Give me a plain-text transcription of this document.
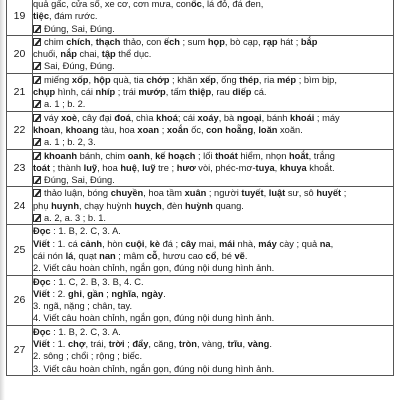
19	quả gấc, cửa sổ, xe cơ, cơn mưa, conốc, lá đỏ, đá đen,
tiệc, đám rước.
Đúng, Sai, Đúng.

20	chim chích, thạch thảo, con ếch ; sum họp, bò cạp, rạp hát ; bắp
chuối, nắp chai, tập thể dục.
Sai, Đúng, Đúng.

21	miếng xốp, hộp quà, tia chớp ; khăn xếp, ống thép, ria mép ; bìm bịp,
chụp hình, cái nhíp ; trái mướp, tấm thiệp, rau diếp cá.
a. 1 ; b. 2.

22	váy xoè, cây đại đoá, chìa khoá; cái xoáy, bà ngoại, bánh khoái ; máy
khoan, khoang tàu, hoa xoan ; xoắn ốc, con hoẵng, loăn xoăn.
a. 1 ; b. 2, 3.

23	khoanh bánh, chim oanh, kế hoạch ; lối thoát hiểm, nhọn hoắt, trắng
toát ; thành luỹ, hoa huệ, luỹ tre ; hươ vòi, phéc-mơ-tuya, khuya khoắt.
Đúng, Sai, Đúng.

24	thảo luận, bóng chuyền, hoa tầm xuân ; người tuyết, luật sư, sô huyết ;
phụ huynh, chạy huỳnh huỵch, đèn huỳnh quang.
a. 2, a. 3 ; b. 1.

25	Đọc : 1. B, 2. C, 3. A.
Viết : 1. cá cảnh, hòn cuội, kè đá ; cây mai, mái nhà, máy cày ; quả na,
cái nón lá, quạt nan ; mâm cỗ, hươu cao cổ, bé vẽ.
2. Viết câu hoàn chỉnh, ngắn gọn, đúng nội dung hình ảnh.

26	Đọc : 1. C, 2. B, 3. B, 4. C.
Viết : 2. ghi, gần ; nghĩa, ngày.
3. ngã, nặng ; chân, tay.
4. Viết câu hoàn chỉnh, ngắn gọn, đúng nội dung hình ảnh.

27	Đọc : 1. B, 2. C, 3. A.
Viết : 1. chợ, trái, trời ; đẩy, căng, tròn, vàng, trĩu, vàng.
2. sông ; chổi ; rộng ; biếc.
3. Viết câu hoàn chỉnh, ngắn gọn, đúng nội dung hình ảnh.
